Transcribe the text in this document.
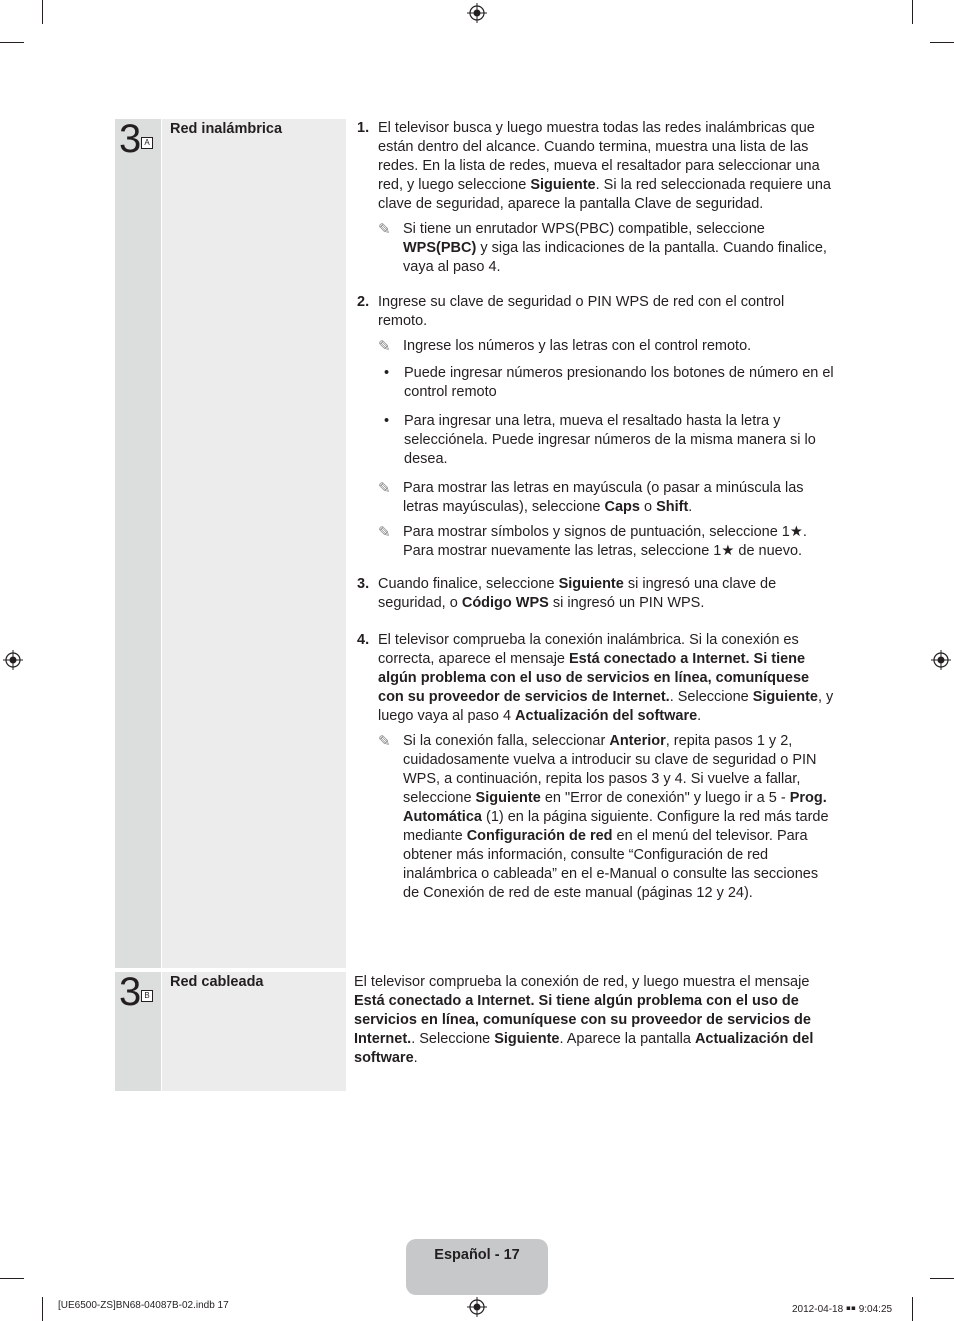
3 A
Red inalámbrica	1. El televisor busca y luego muestra todas las redes inalámbricas que están dentro del alcance. Cuando termina, muestra una lista de las redes. En la lista de redes, mueva el resaltador para seleccionar una red, y luego seleccione Siguiente. Si la red seleccionada requiere una clave de seguridad, aparece la pantalla Clave de seguridad.
✎ Si tiene un enrutador WPS(PBC) compatible, seleccione WPS(PBC) y siga las indicaciones de la pantalla. Cuando finalice, vaya al paso 4.
2. Ingrese su clave de seguridad o PIN WPS de red con el control remoto.
✎ Ingrese los números y las letras con el control remoto.
• Puede ingresar números presionando los botones de número en el control remoto
• Para ingresar una letra, mueva el resaltado hasta la letra y selecciónela. Puede ingresar números de la misma manera si lo desea.
✎ Para mostrar las letras en mayúscula (o pasar a minúscula las letras mayúsculas), seleccione Caps o Shift.
✎ Para mostrar símbolos y signos de puntuación, seleccione 1★. Para mostrar nuevamente las letras, seleccione 1★ de nuevo.
3. Cuando finalice, seleccione Siguiente si ingresó una clave de seguridad, o Código WPS si ingresó un PIN WPS.
4. El televisor comprueba la conexión inalámbrica. Si la conexión es correcta, aparece el mensaje Está conectado a Internet. Si tiene algún problema con el uso de servicios en línea, comuníquese con su proveedor de servicios de Internet.. Seleccione Siguiente, y luego vaya al paso 4 Actualización del software.
✎ Si la conexión falla, seleccionar Anterior, repita pasos 1 y 2, cuidadosamente vuelva a introducir su clave de seguridad o PIN WPS, a continuación, repita los pasos 3 y 4. Si vuelve a fallar, seleccione Siguiente en "Error de conexión" y luego ir a 5 - Prog. Automática (1) en la página siguiente. Configure la red más tarde mediante Configuración de red en el menú del televisor. Para obtener más información, consulte “Configuración de red inalámbrica o cableada” en el e-Manual o consulte las secciones de Conexión de red de este manual (páginas 12 y 24).
3 B
Red cableada	El televisor comprueba la conexión de red, y luego muestra el mensaje Está conectado a Internet. Si tiene algún problema con el uso de servicios en línea, comuníquese con su proveedor de servicios de Internet.. Seleccione Siguiente. Aparece la pantalla Actualización del software.

Español - 17
[UE6500-ZS]BN68-04087B-02.indb 17	2012-04-18 ￭￭ 9:04:25
